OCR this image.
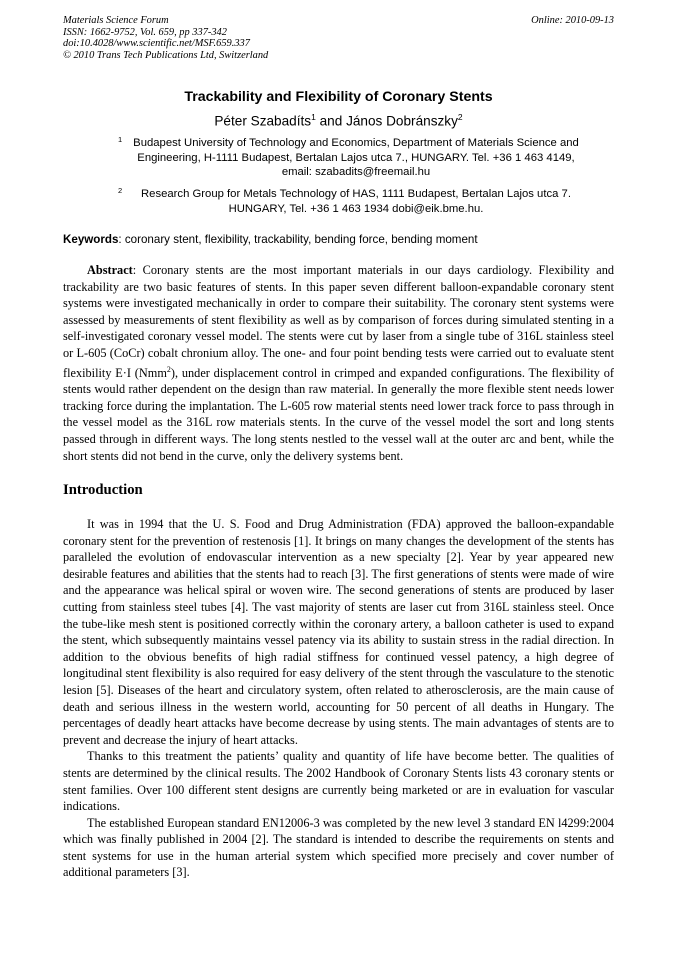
Materials Science Forum
ISSN: 1662-9752, Vol. 659, pp 337-342
doi:10.4028/www.scientific.net/MSF.659.337
© 2010 Trans Tech Publications Ltd, Switzerland
Online: 2010-09-13
Trackability and Flexibility of Coronary Stents
Péter Szabadíts$^1$ and János Dobránszky$^2$
1 Budapest University of Technology and Economics, Department of Materials Science and Engineering, H-1111 Budapest, Bertalan Lajos utca 7., HUNGARY. Tel. +36 1 463 4149, email: szabadits@freemail.hu
2	Research Group for Metals Technology of HAS, 1111 Budapest, Bertalan Lajos utca 7. HUNGARY, Tel. +36 1 463 1934 dobi@eik.bme.hu.
Keywords: coronary stent, flexibility, trackability, bending force, bending moment

Abstract: Coronary stents are the most important materials in our days cardiology. Flexibility and trackability are two basic features of stents. In this paper seven different balloon-expandable coronary stent systems were investigated mechanically in order to compare their suitability. The coronary stent systems were assessed by measurements of stent flexibility as well as by comparison of forces during simulated stenting in a self-investigated coronary vessel model. The stents were cut by laser from a single tube of 316L stainless steel or L-605 (CoCr) cobalt chronium alloy. The one- and four point bending tests were carried out to evaluate stent flexibility E·I (Nmm$^2$), under displacement control in crimped and expanded configurations. The flexibility of stents would rather dependent on the design than raw material. In generally the more flexible stent needs lower tracking force during the implantation. The L-605 row material stents need lower track force to pass through in the vessel model as the 316L row materials stents. In the curve of the vessel model the sort and long stents passed through in different ways. The long stents nestled to the vessel wall at the outer arc and bent, while the short stents did not bend in the curve, only the delivery systems bent.

Introduction

It was in 1994 that the U. S. Food and Drug Administration (FDA) approved the balloon-expandable coronary stent for the prevention of restenosis [1]. It brings on many changes the development of the stents has paralleled the evolution of endovascular intervention as a new specialty [2]. Year by year appeared new desirable features and abilities that the stents had to reach [3]. The first generations of stents were made of wire and the appearance was helical spiral or woven wire. The second generations of stents are produced by laser cutting from stainless steel tubes [4]. The vast majority of stents are laser cut from 316L stainless steel. Once the tube-like mesh stent is positioned correctly within the coronary artery, a balloon catheter is used to expand the stent, which subsequently maintains vessel patency via its ability to sustain stress in the radial direction. In addition to the obvious benefits of high radial stiffness for continued vessel patency, a high degree of longitudinal stent flexibility is also required for easy delivery of the stent through the vasculature to the stenotic lesion [5]. Diseases of the heart and circulatory system, often related to atherosclerosis, are the main cause of death and serious illness in the western world, accounting for 50 percent of all deaths in Hungary. The percentages of deadly heart attacks have become decrease by using stents. The main advantages of stents are to prevent and decrease the injury of heart attacks.

Thanks to this treatment the patients’ quality and quantity of life have become better. The qualities of stents are determined by the clinical results. The 2002 Handbook of Coronary Stents lists 43 coronary stents or stent families. Over 100 different stent designs are currently being marketed or are in evaluation for vascular indications.

The established European standard EN12006-3 was completed by the new level 3 standard EN l4299:2004 which was finally published in 2004 [2]. The standard is intended to describe the requirements on stents and stent systems for use in the human arterial system which specified more precisely and cover number of additional parameters [3].
